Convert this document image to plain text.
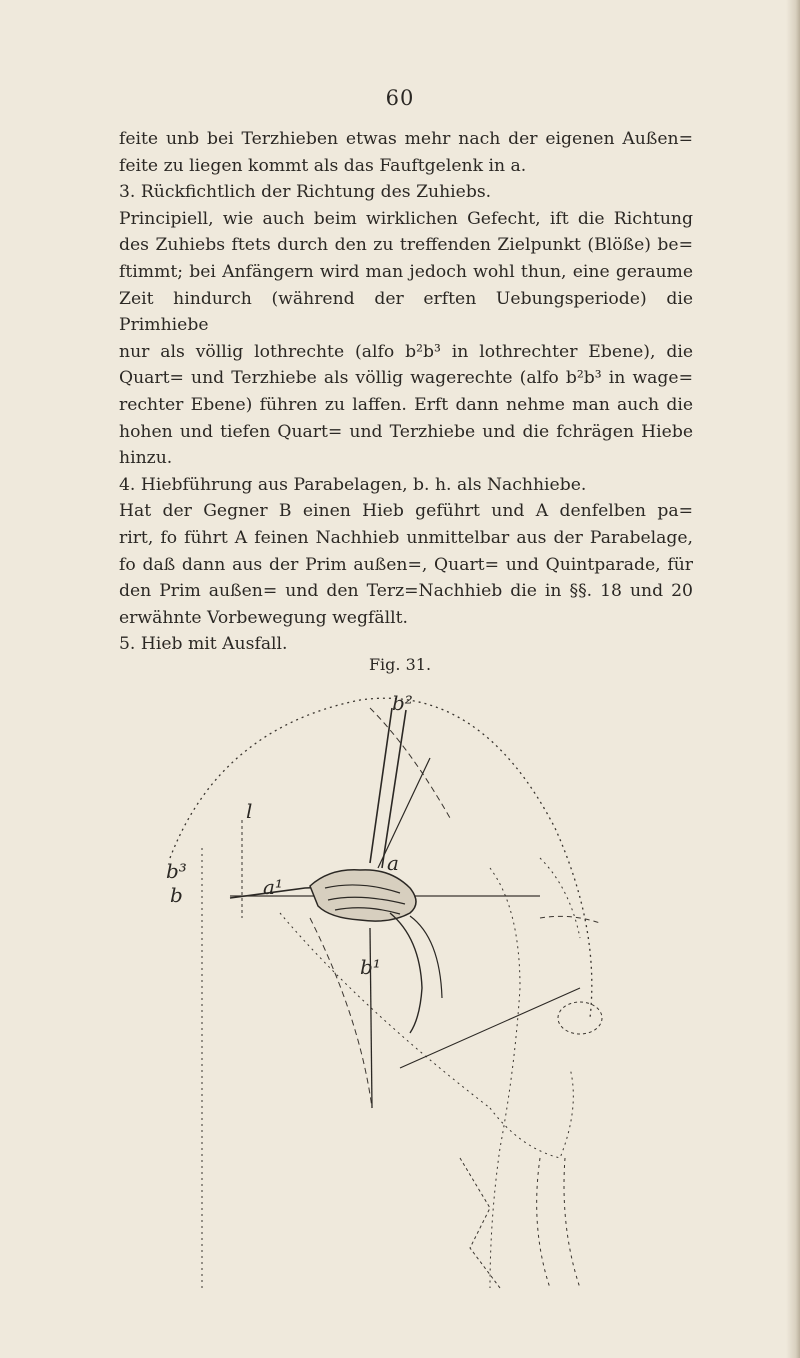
60

feite unb bei Terzhieben etwas mehr nach der eigenen Außen=

feite zu liegen kommt als das Fauftgelenk in a.

3. Rückfichtlich der Richtung des Zuhiebs.

Principiell, wie auch beim wirklichen Gefecht, ift die Richtung

des Zuhiebs ftets durch den zu treffenden Zielpunkt (Blöße) be=

ftimmt; bei Anfängern wird man jedoch wohl thun, eine geraume

Zeit hindurch (während der erften Uebungsperiode) die Primhiebe

nur als völlig lothrechte (alfo b²b³ in lothrechter Ebene), die

Quart= und Terzhiebe als völlig wagerechte (alfo b²b³ in wage=

rechter Ebene) führen zu laffen. Erft dann nehme man auch die

hohen und tiefen Quart= und Terzhiebe und die fchrägen Hiebe hinzu.

4. Hiebführung aus Parabelagen, b. h. als Nachhiebe.

Hat der Gegner B einen Hieb geführt und A denfelben pa=

rirt, fo führt A feinen Nachhieb unmittelbar aus der Parabelage,

fo daß dann aus der Prim außen=, Quart= und Quintparade, für

den Prim außen= und den Terz=Nachhieb die in §§. 18 und 20

erwähnte Vorbewegung wegfällt.

5. Hieb mit Ausfall.

Fig. 31.
b²
b³
b
l
a¹
a
b¹
